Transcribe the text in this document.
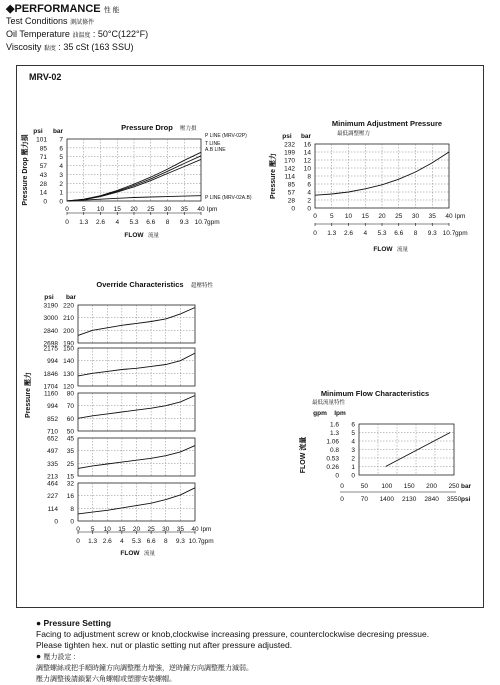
◆PERFORMANCE 性 能
Test Conditions 測試條件
Oil Temperature 油溫度 : 50°C(122°F)
Viscosity 黏度 : 35 cSt (163 SSU)
MRV-02
Pressure Drop 壓力損
psi bar
Pressure Drop 壓力損 101 7
85 6
71 5
57 4
43 3
28 2
14 1
0 0
P LINE (MRV-02P)
T LINE
A.B LINE
P LINE (MRV-02A.B)
0
0
5
1.3
10
2.6
15
4
20
5.3
25
6.6
30
8
35
9.3
40
10.7
lpm
gpm
FLOW 流量
Minimum Adjustment Pressure
最低調整壓力
psi bar
Pressure 壓力
232 16
199 14
170 12
142 10
114 8
85 6
57 4
28 2
0 0
0
0
5
1.3
10
2.6
15
4
20
5.3
25
6.6
30
8
35
9.3
40
10.7
lpm
gpm
FLOW 流量
Override Characteristics 超壓特性
psi bar
Pressure 壓力
3190 220
3000 210
2840 200
2698 190
2175 150
994 140
1846 130
1704 120
1160 80
994 70
852 60
710 50
652 45
497 35
335 25
213 15
464 32
227 16
114 8
0 0
0
0
5
1.3
10
2.6
15
4
20
5.3
25
6.6
30
8
35
9.3
40
10.7
lpm
gpm
FLOW 流量
Minimum Flow Characteristics
最低流量特性
gpm lpm
FLOW 流量
1.6 6
1.3 5
1.06 4
0.8 3
0.53 2
0.26 1
0 0
0	50 100 150 200 250
0	70 1400 2130 2840 3550
bar
psi
● Pressure Setting
Facing to adjustment screw or knob,clockwise increasing pressure, counterclockwise decresing pressue.
Please tighten hex. nut or plastic setting nut after pressure adjusted.
● 壓力設定 :
調整螺絲或把手順時鐘方向調整壓力增強，逆時鐘方向調整壓力減弱。
壓力調整後請鎖緊六角螺帽或塑膠安裝螺帽。
